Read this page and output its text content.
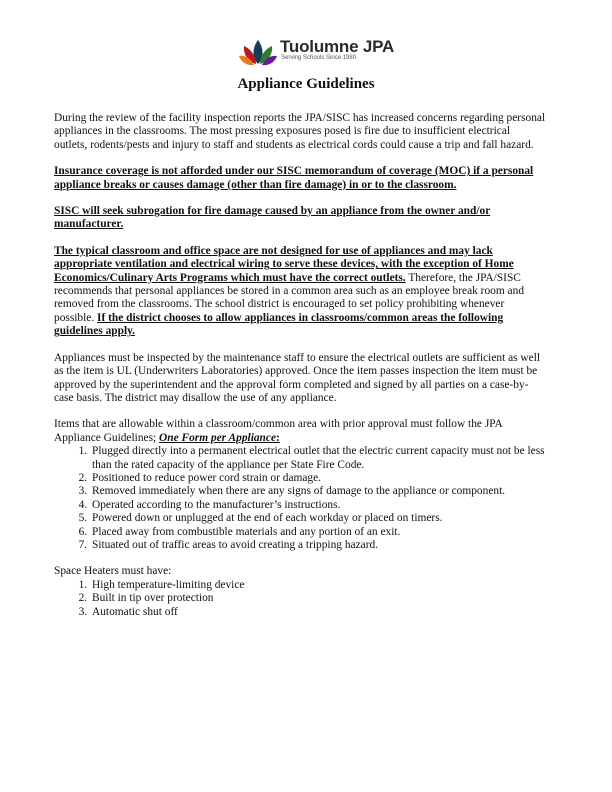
Tuolumne JPA
Serving Schools Since 1980
Appliance Guidelines

During the review of the facility inspection reports the JPA/SISC has increased concerns regarding personal appliances in the classrooms. The most pressing exposures posed is fire due to insufficient electrical outlets, rodents/pests and injury to staff and students as electrical cords could cause a trip and fall hazard.

Insurance coverage is not afforded under our SISC memorandum of coverage (MOC) if a personal appliance breaks or causes damage (other than fire damage) in or to the classroom.

SISC will seek subrogation for fire damage caused by an appliance from the owner and/or manufacturer.

The typical classroom and office space are not designed for use of appliances and may lack appropriate ventilation and electrical wiring to serve these devices, with the exception of Home Economics/Culinary Arts Programs which must have the correct outlets. Therefore, the JPA/SISC recommends that personal appliances be stored in a common area such as an employee break room and removed from the classrooms. The school district is encouraged to set policy prohibiting whenever possible. If the district chooses to allow appliances in classrooms/common areas the following guidelines apply.

Appliances must be inspected by the maintenance staff to ensure the electrical outlets are sufficient as well as the item is UL (Underwriters Laboratories) approved. Once the item passes inspection the item must be approved by the superintendent and the approval form completed and signed by all parties on a case-by-case basis. The district may disallow the use of any appliance.

Items that are allowable within a classroom/common area with prior approval must follow the JPA Appliance Guidelines; One Form per Appliance:

1. Plugged directly into a permanent electrical outlet that the electric current capacity must not be less than the rated capacity of the appliance per State Fire Code.
2. Positioned to reduce power cord strain or damage.
3. Removed immediately when there are any signs of damage to the appliance or component.
4. Operated according to the manufacturer’s instructions.
5. Powered down or unplugged at the end of each workday or placed on timers.
6. Placed away from combustible materials and any portion of an exit.
7. Situated out of traffic areas to avoid creating a tripping hazard.

Space Heaters must have:

1. High temperature-limiting device
2. Built in tip over protection
3. Automatic shut off
